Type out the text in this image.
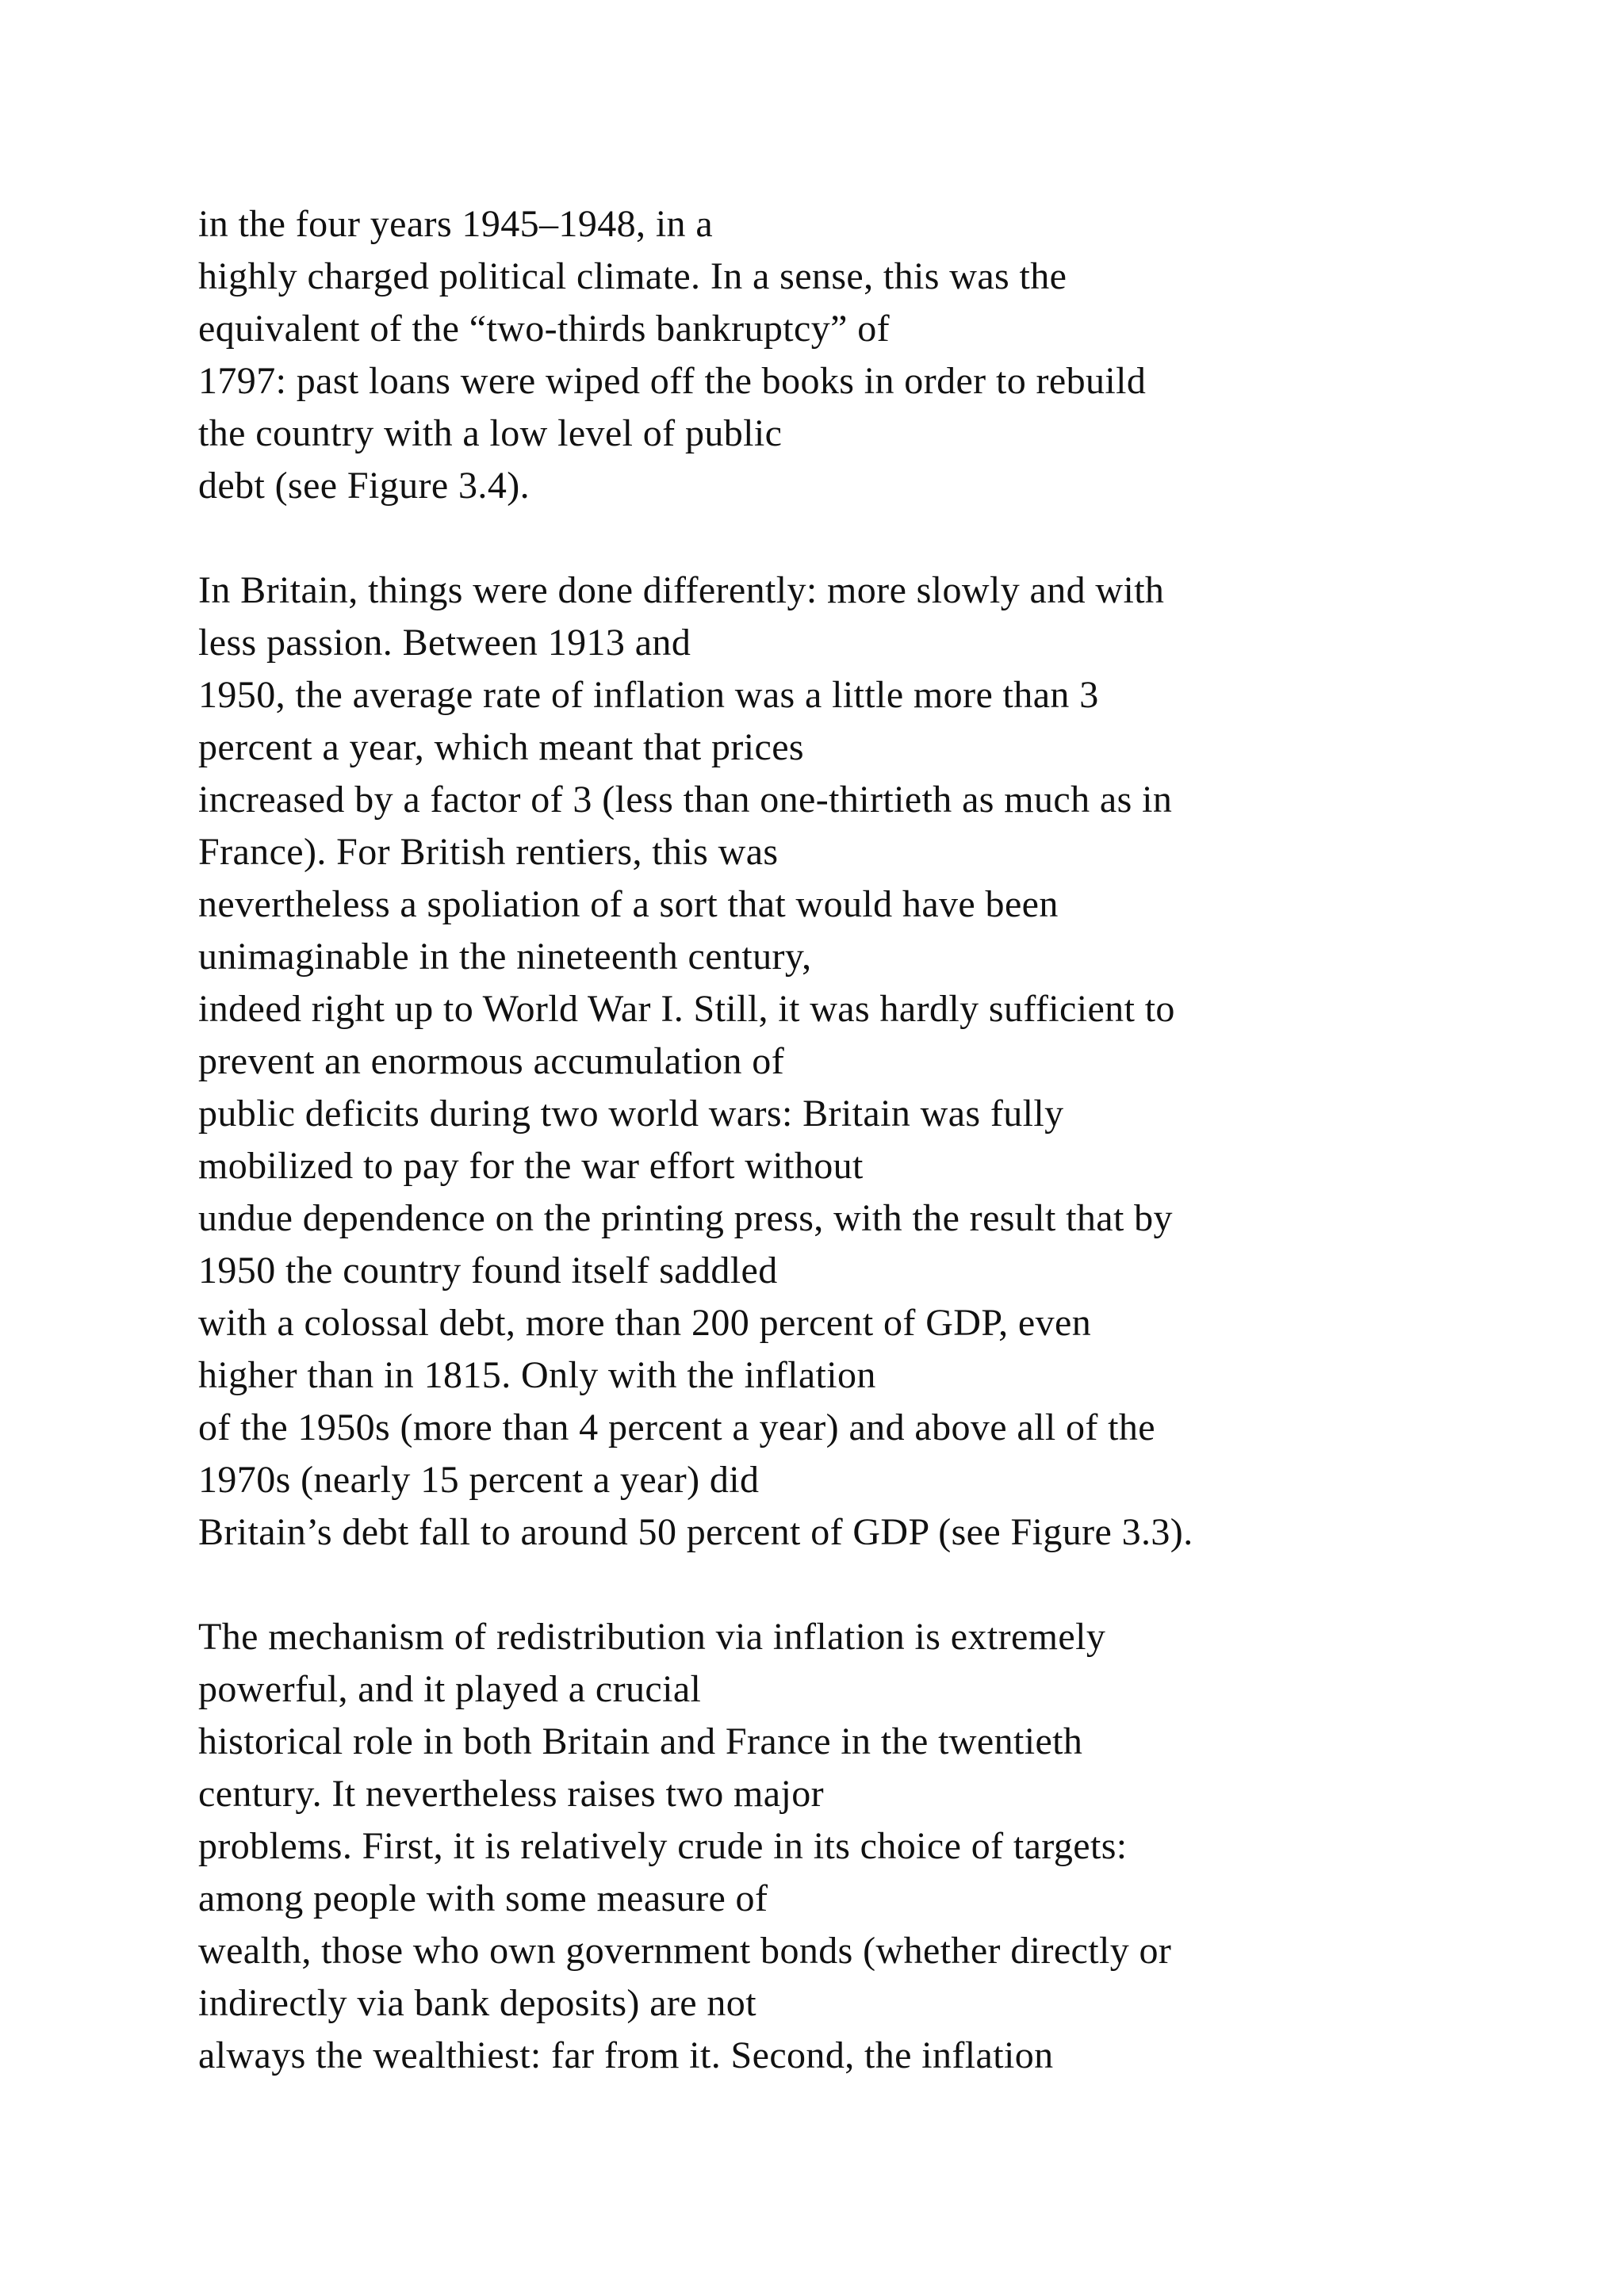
in the four years 1945–1948, in a
highly charged political climate. In a sense, this was the
equivalent of the “two-thirds bankruptcy” of
1797: past loans were wiped off the books in order to rebuild
the country with a low level of public
debt (see Figure 3.4).

In Britain, things were done differently: more slowly and with
less passion. Between 1913 and
1950, the average rate of inflation was a little more than 3
percent a year, which meant that prices
increased by a factor of 3 (less than one-thirtieth as much as in
France). For British rentiers, this was
nevertheless a spoliation of a sort that would have been
unimaginable in the nineteenth century,
indeed right up to World War I. Still, it was hardly sufficient to
prevent an enormous accumulation of
public deficits during two world wars: Britain was fully
mobilized to pay for the war effort without
undue dependence on the printing press, with the result that by
1950 the country found itself saddled
with a colossal debt, more than 200 percent of GDP, even
higher than in 1815. Only with the inflation
of the 1950s (more than 4 percent a year) and above all of the
1970s (nearly 15 percent a year) did
Britain’s debt fall to around 50 percent of GDP (see Figure 3.3).

The mechanism of redistribution via inflation is extremely
powerful, and it played a crucial
historical role in both Britain and France in the twentieth
century. It nevertheless raises two major
problems. First, it is relatively crude in its choice of targets:
among people with some measure of
wealth, those who own government bonds (whether directly or
indirectly via bank deposits) are not
always the wealthiest: far from it. Second, the inflation
